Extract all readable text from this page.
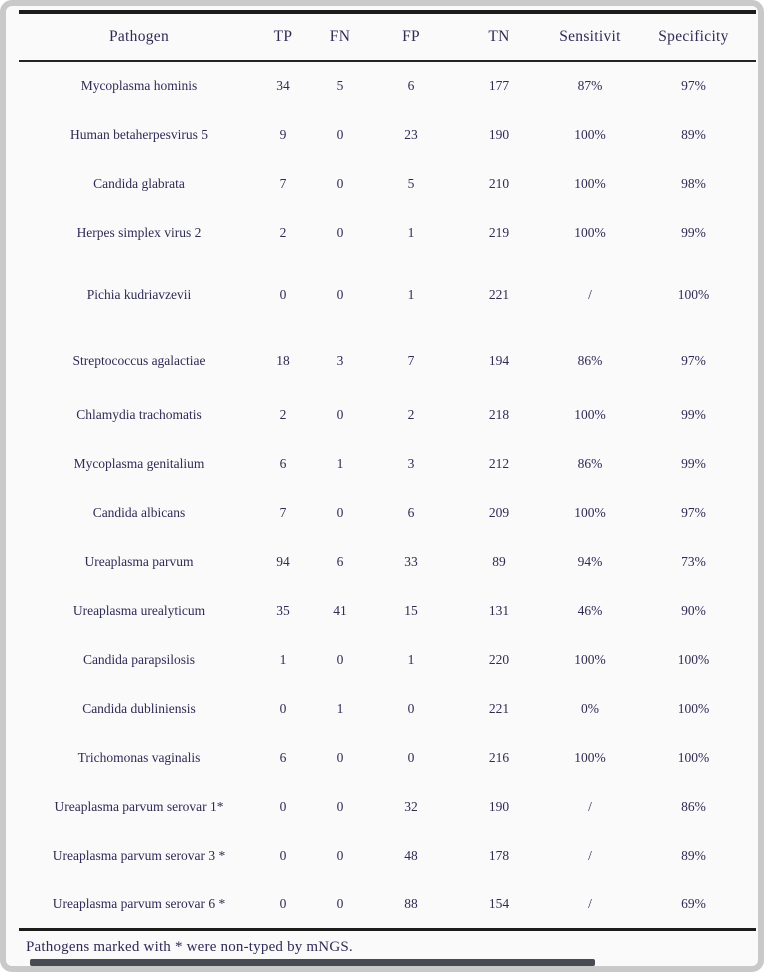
Pathogen	TP	FN	FP	TN	Sensitivit	Specificity
Mycoplasma hominis	34	5	6	177	87%	97%
Human betaherpesvirus 5	9	0	23	190	100%	89%
Candida glabrata	7	0	5	210	100%	98%
Herpes simplex virus 2	2	0	1	219	100%	99%
Pichia kudriavzevii	0	0	1	221	/	100%
Streptococcus agalactiae	18	3	7	194	86%	97%
Chlamydia trachomatis	2	0	2	218	100%	99%
Mycoplasma genitalium	6	1	3	212	86%	99%
Candida albicans	7	0	6	209	100%	97%
Ureaplasma parvum	94	6	33	89	94%	73%
Ureaplasma urealyticum	35	41	15	131	46%	90%
Candida parapsilosis	1	0	1	220	100%	100%
Candida dubliniensis	0	1	0	221	0%	100%
Trichomonas vaginalis	6	0	0	216	100%	100%
Ureaplasma parvum serovar 1*	0	0	32	190	/	86%
Ureaplasma parvum serovar 3 *	0	0	48	178	/	89%
Ureaplasma parvum serovar 6 *	0	0	88	154	/	69%
Pathogens marked with * were non-typed by mNGS.
